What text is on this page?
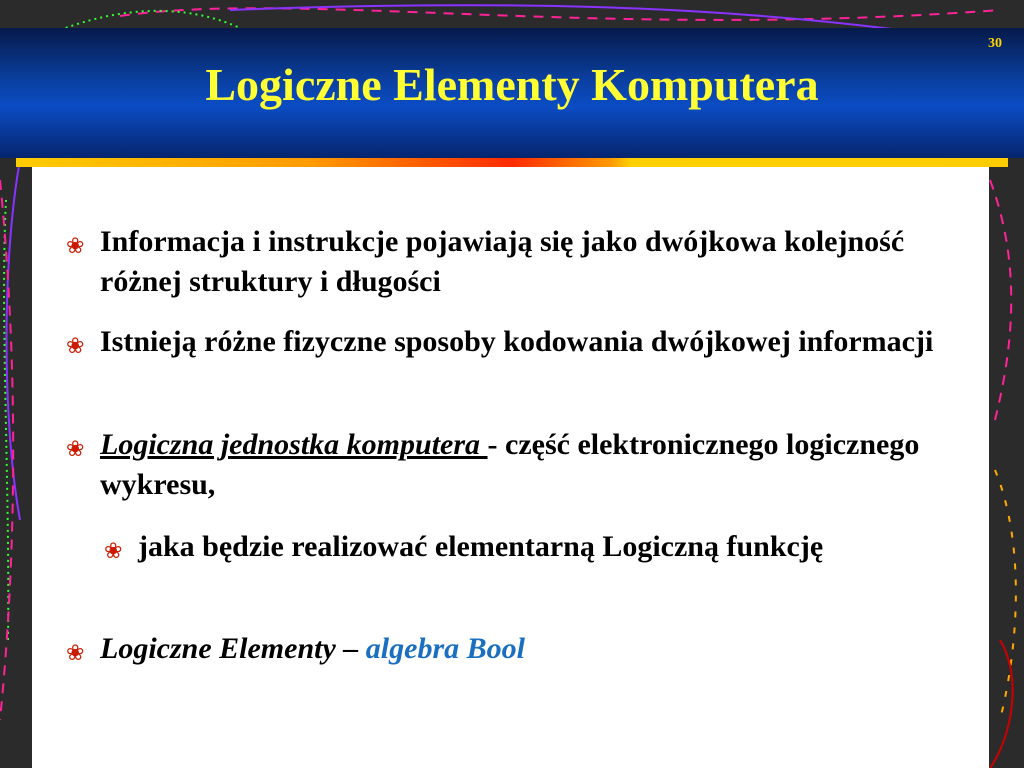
30
Logiczne Elementy Komputera
❀ Informacja i instrukcje pojawiają się jako dwójkowa kolejność różnej struktury i długości
❀ Istnieją różne fizyczne sposoby kodowania dwójkowej informacji
❀ Logiczna jednostka komputera - część elektronicznego logicznego wykresu,
❀ jaka będzie realizować elementarną Logiczną funkcję
❀ Logiczne Elementy – algebra Bool
